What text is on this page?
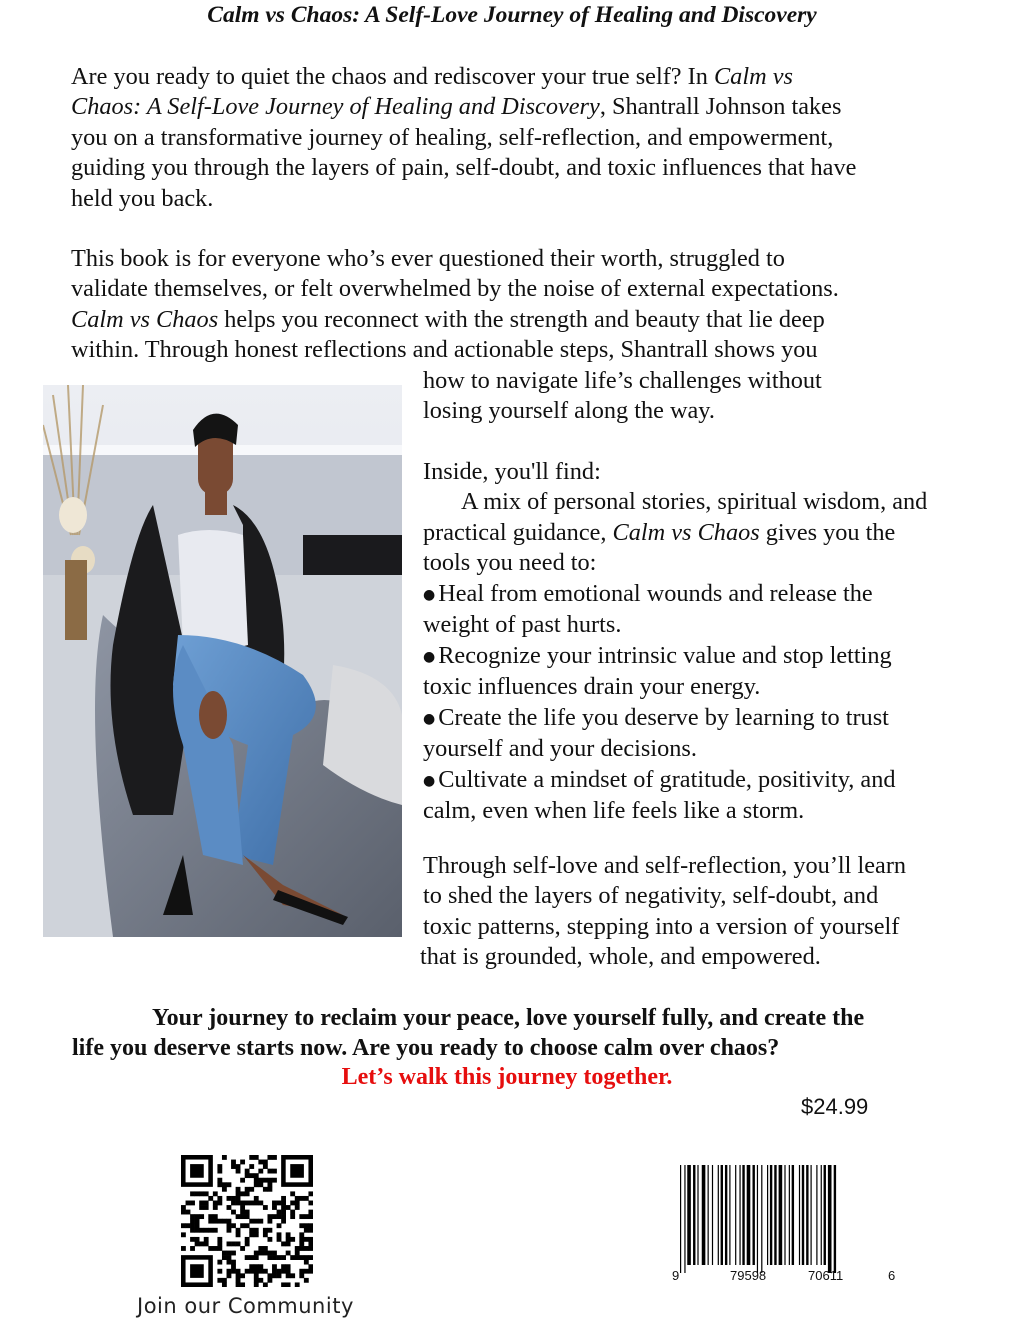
Calm vs Chaos: A Self-Love Journey of Healing and Discovery

Are you ready to quiet the chaos and rediscover your true self? In Calm vs
Chaos: A Self-Love Journey of Healing and Discovery, Shantrall Johnson takes
you on a transformative journey of healing, self-reflection, and empowerment,
guiding you through the layers of pain, self-doubt, and toxic influences that have
held you back.

This book is for everyone who’s ever questioned their worth, struggled to
validate themselves, or felt overwhelmed by the noise of external expectations.
Calm vs Chaos helps you reconnect with the strength and beauty that lie deep
within. Through honest reflections and actionable steps, Shantrall shows you
how to navigate life’s challenges without
losing yourself along the way.

Inside, you'll find:
A mix of personal stories, spiritual wisdom, and
practical guidance, Calm vs Chaos gives you the
tools you need to:
● Heal from emotional wounds and release the
weight of past hurts.
● Recognize your intrinsic value and stop letting
toxic influences drain your energy.
● Create the life you deserve by learning to trust
yourself and your decisions.
● Cultivate a mindset of gratitude, positivity, and
calm, even when life feels like a storm.

Through self-love and self-reflection, you’ll learn
to shed the layers of negativity, self-doubt, and
toxic patterns, stepping into a version of yourself
that is grounded, whole, and empowered.

Your journey to reclaim your peace, love yourself fully, and create the
life you deserve starts now. Are you ready to choose calm over chaos?

Let’s walk this journey together.

$24.99

Join our Community

9	79598	70611	6
